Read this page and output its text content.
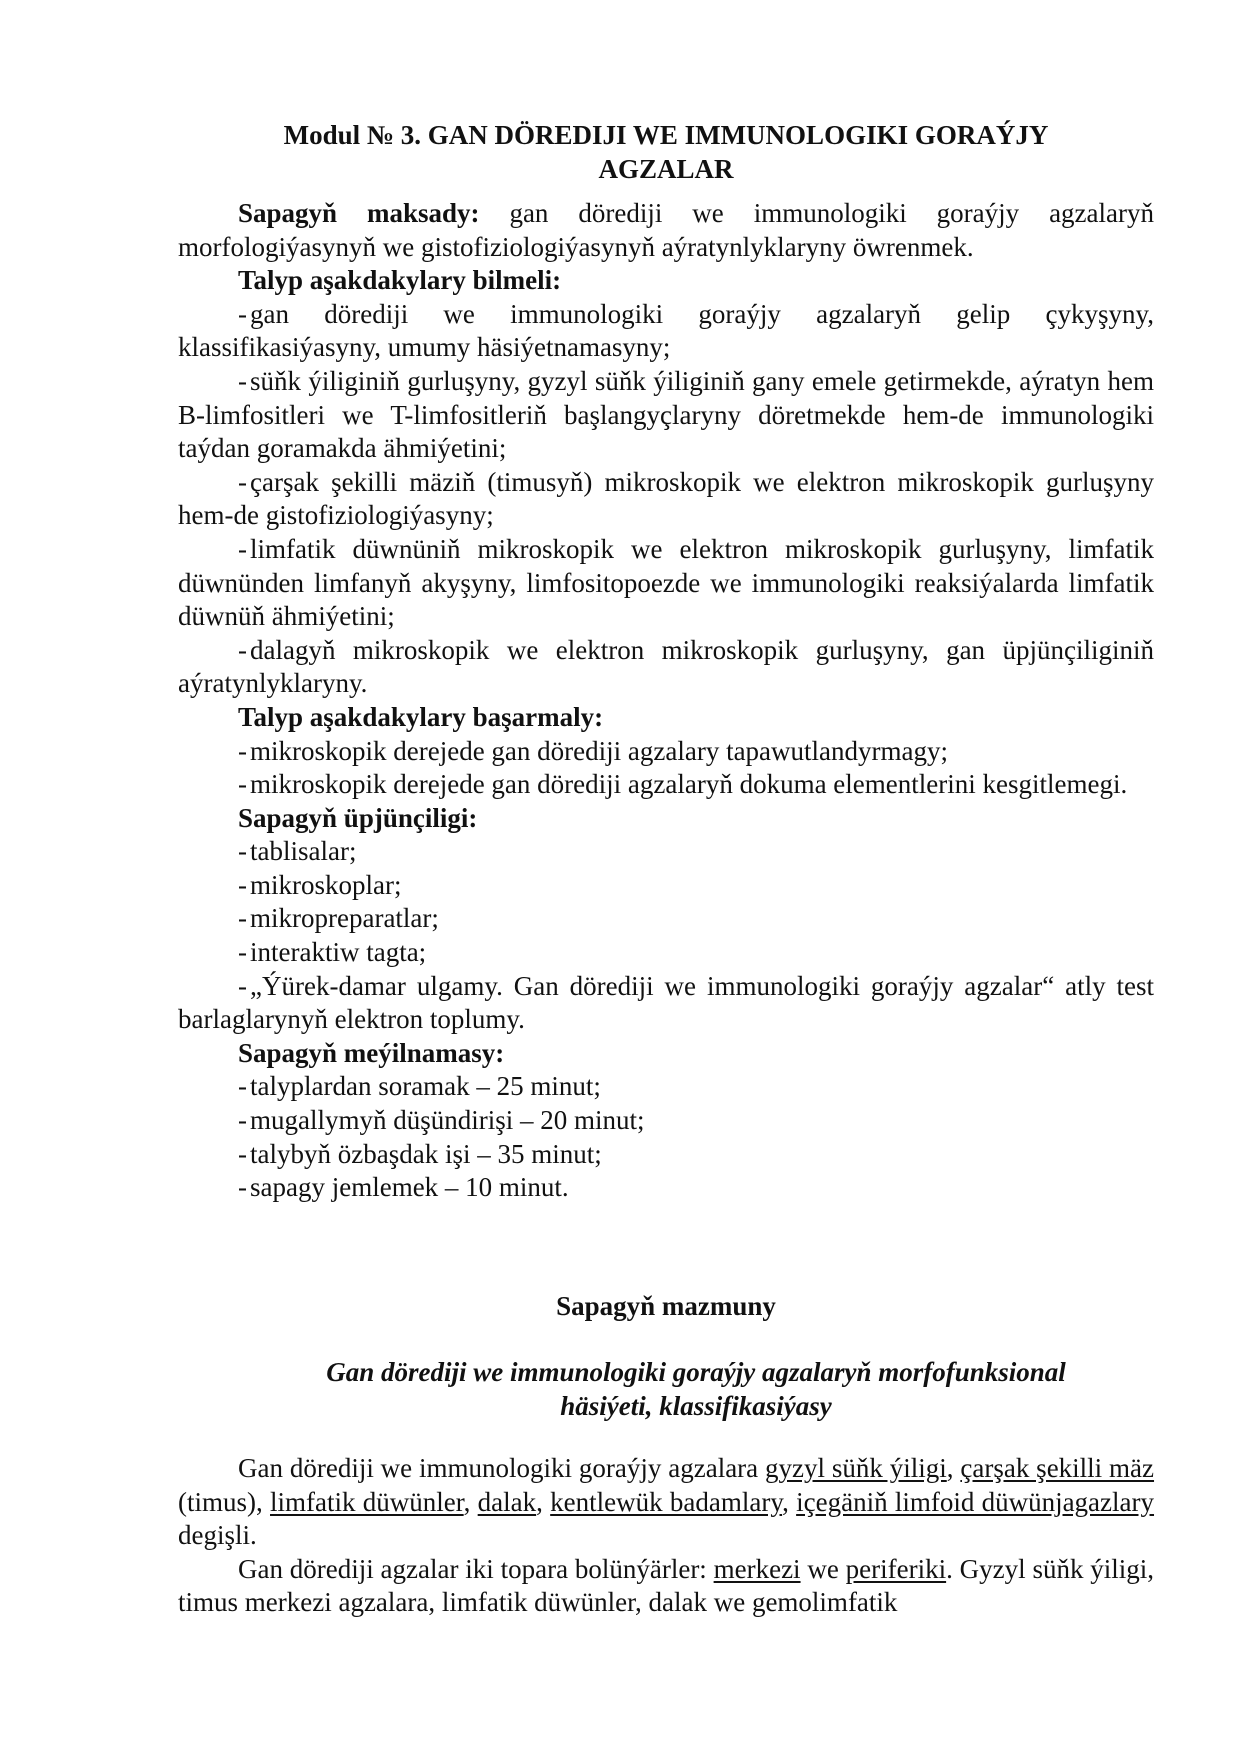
Modul № 3. GAN DÖREDIJI WE IMMUNOLOGIKI GORAÝJY
AGZALAR

Sapagyň maksady: gan dörediji we immunologiki goraýjy agzalaryň morfologiýasynyň we gistofiziologiýasynyň aýratynlyklaryny öwrenmek.

Talyp aşakdakylary bilmeli:

- gan dörediji we immunologiki goraýjy agzalaryň gelip çykyşyny, klassifikasiýasyny, umumy häsiýetnamasyny;

- süňk ýiliginiň gurluşyny, gyzyl süňk ýiliginiň gany emele getirmekde, aýratyn hem B-limfositleri we T-limfositleriň başlangyçlaryny döretmekde hem-de immunologiki taýdan goramakda ähmiýetini;

- çarşak şekilli mäziň (timusyň) mikroskopik we elektron mikroskopik gurluşyny hem-de gistofiziologiýasyny;

- limfatik düwnüniň mikroskopik we elektron mikroskopik gurluşyny, limfatik düwnünden limfanyň akyşyny, limfositopoezde we immunologiki reaksiýalarda limfatik düwnüň ähmiýetini;

- dalagyň mikroskopik we elektron mikroskopik gurluşyny, gan üpjünçiliginiň aýratynlyklaryny.

Talyp aşakdakylary başarmaly:

- mikroskopik derejede gan dörediji agzalary tapawutlandyrmagy;

- mikroskopik derejede gan dörediji agzalaryň dokuma elementlerini kesgitlemegi.

Sapagyň üpjünçiligi:

- tablisalar;

- mikroskoplar;

- mikropreparatlar;

- interaktiw tagta;

- „Ýürek-damar ulgamy. Gan dörediji we immunologiki goraýjy agzalar“ atly test barlaglarynyň elektron toplumy.

Sapagyň meýilnamasy:

- talyplardan soramak – 25 minut;

- mugallymyň düşündirişi – 20 minut;

- talybyň özbaşdak işi – 35 minut;

- sapagy jemlemek – 10 minut.

Sapagyň mazmuny

Gan dörediji we immunologiki goraýjy agzalaryň morfofunksional

häsiýeti, klassifikasiýasy

Gan dörediji we immunologiki goraýjy agzalara gyzyl süňk ýiligi, çarşak şekilli mäz (timus), limfatik düwünler, dalak, kentlewük badamlary, içegäniň limfoid düwünjagazlary degişli.

Gan dörediji agzalar iki topara bolünýärler: merkezi we periferiki. Gyzyl süňk ýiligi, timus merkezi agzalara, limfatik düwünler, dalak we gemolimfatik
